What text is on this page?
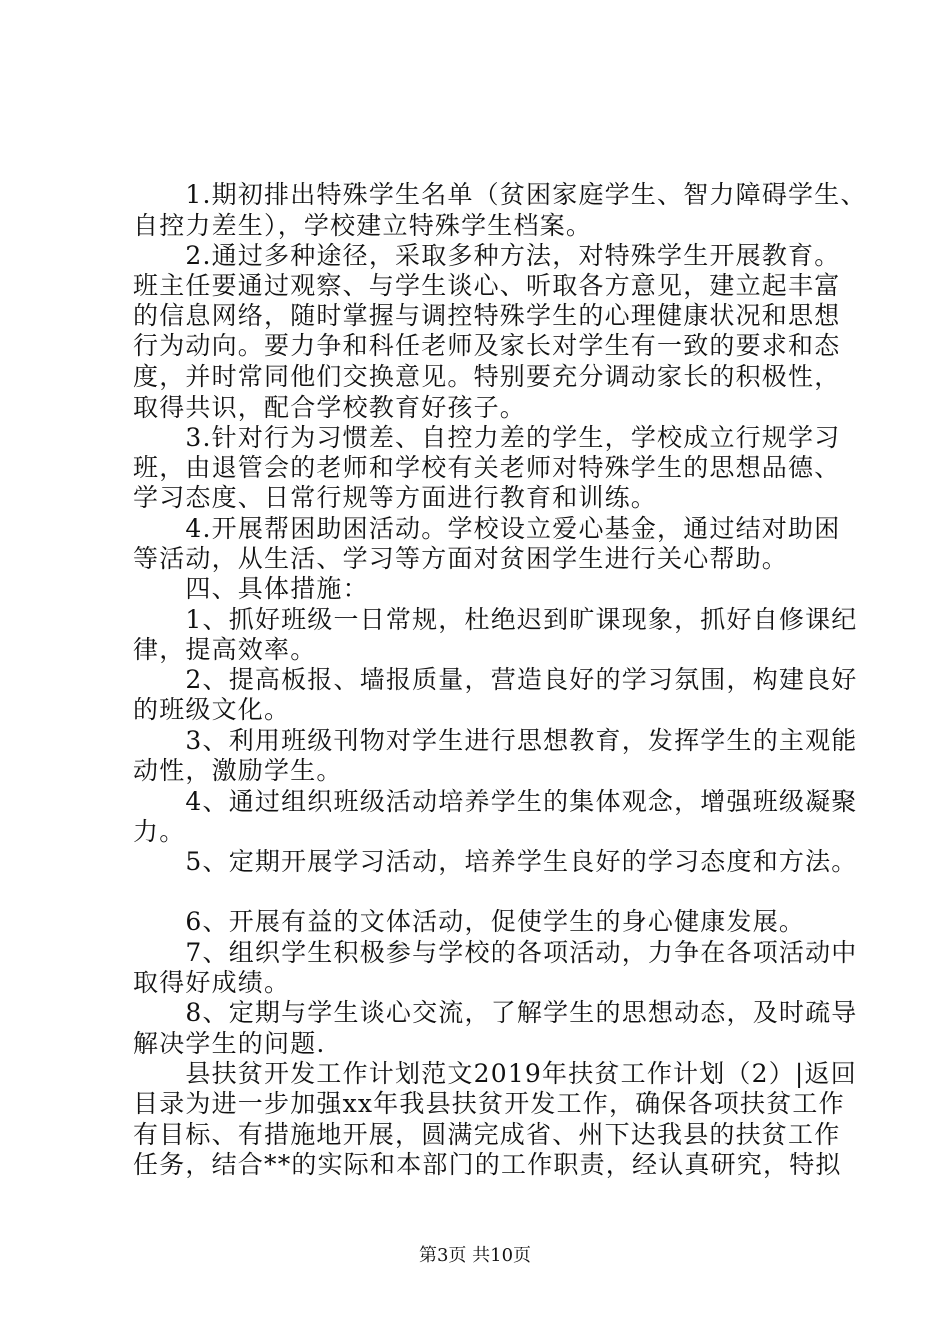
　　1.期初排出特殊学生名单（贫困家庭学生、智力障碍学生、
自控力差生），学校建立特殊学生档案。
　　2.通过多种途径，采取多种方法，对特殊学生开展教育。
班主任要通过观察、与学生谈心、听取各方意见，建立起丰富
的信息网络，随时掌握与调控特殊学生的心理健康状况和思想
行为动向。要力争和科任老师及家长对学生有一致的要求和态
度，并时常同他们交换意见。特别要充分调动家长的积极性，
取得共识，配合学校教育好孩子。
　　3.针对行为习惯差、自控力差的学生，学校成立行规学习
班，由退管会的老师和学校有关老师对特殊学生的思想品德、
学习态度、日常行规等方面进行教育和训练。
　　4.开展帮困助困活动。学校设立爱心基金，通过结对助困
等活动，从生活、学习等方面对贫困学生进行关心帮助。
　　四、具体措施：
　　1、抓好班级一日常规，杜绝迟到旷课现象，抓好自修课纪
律，提高效率。
　　2、提高板报、墙报质量，营造良好的学习氛围，构建良好
的班级文化。
　　3、利用班级刊物对学生进行思想教育，发挥学生的主观能
动性，激励学生。
　　4、通过组织班级活动培养学生的集体观念，增强班级凝聚
力。
　　5、定期开展学习活动，培养学生良好的学习态度和方法。
　　6、开展有益的文体活动，促使学生的身心健康发展。
　　7、组织学生积极参与学校的各项活动，力争在各项活动中
取得好成绩。
　　8、定期与学生谈心交流，了解学生的思想动态，及时疏导
解决学生的问题.
　　县扶贫开发工作计划范文2019年扶贫工作计划（2）|返回
目录为进一步加强xx年我县扶贫开发工作，确保各项扶贫工作
有目标、有措施地开展，圆满完成省、州下达我县的扶贫工作
任务，结合**的实际和本部门的工作职责，经认真研究，特拟
第3页 共10页
